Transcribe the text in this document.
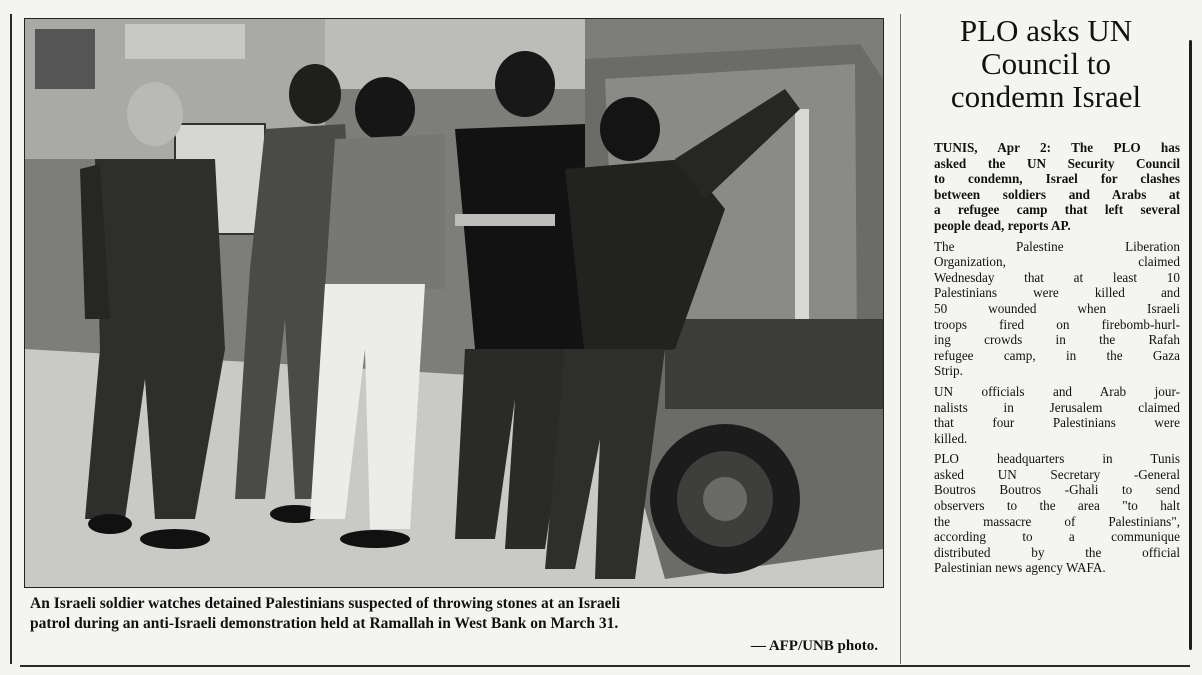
An Israeli soldier watches detained Palestinians suspected of throwing stones at an Israeli
patrol during an anti-Israeli demonstration held at Ramallah in West Bank on March 31.
— AFP/UNB photo.
PLO asks UN
Council to
condemn Israel

TUNIS, Apr 2: The PLO has
asked the UN Security Council
to condemn, Israel for clashes
between soldiers and Arabs at
a refugee camp that left several
people dead, reports AP.

The Palestine Liberation
Organization, claimed
Wednesday that at least 10
Palestinians were killed and
50 wounded when Israeli
troops fired on firebomb-hurl-
ing crowds in the Rafah
refugee camp, in the Gaza
Strip.

UN officials and Arab jour-
nalists in Jerusalem claimed
that four Palestinians were
killed.

PLO headquarters in Tunis
asked UN Secretary -General
Boutros Boutros -Ghali to send
observers to the area "to halt
the massacre of Palestinians",
according to a communique
distributed by the official
Palestinian news agency WAFA.
